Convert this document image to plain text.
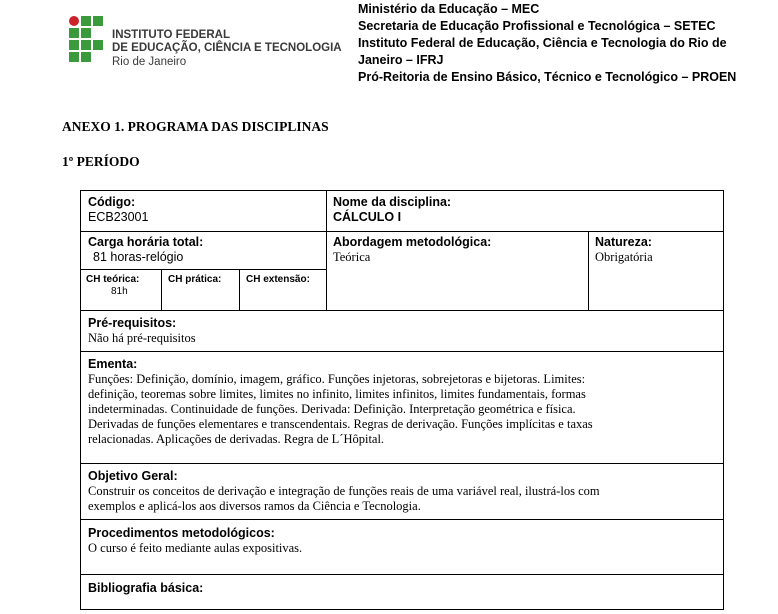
INSTITUTO FEDERAL
DE EDUCAÇÃO, CIÊNCIA E TECNOLOGIA
Rio de Janeiro
Ministério da Educação – MEC
Secretaria de Educação Profissional e Tecnológica – SETEC
Instituto Federal de Educação, Ciência e Tecnologia do Rio de
Janeiro – IFRJ
Pró-Reitoria de Ensino Básico, Técnico e Tecnológico – PROEN
ANEXO 1. PROGRAMA DAS DISCIPLINAS
1º PERÍODO
Código:
ECB23001
Nome da disciplina:
CÁLCULO I
Carga horária total:
81 horas-relógio
Abordagem metodológica:
Teórica
Natureza:
Obrigatória
CH teórica:
81h
CH prática:	CH extensão:
Pré-requisitos:
Não há pré-requisitos
Ementa:
Funções: Definição, domínio, imagem, gráfico. Funções injetoras, sobrejetoras e bijetoras. Limites:
definição, teoremas sobre limites, limites no infinito, limites infinitos, limites fundamentais, formas
indeterminadas. Continuidade de funções. Derivada: Definição. Interpretação geométrica e física.
Derivadas de funções elementares e transcendentais. Regras de derivação. Funções implícitas e taxas
relacionadas. Aplicações de derivadas. Regra de L´Hôpital.
Objetivo Geral:
Construir os conceitos de derivação e integração de funções reais de uma variável real, ilustrá-los com
exemplos e aplicá-los aos diversos ramos da Ciência e Tecnologia.
Procedimentos metodológicos:
O curso é feito mediante aulas expositivas.
Bibliografia básica:
